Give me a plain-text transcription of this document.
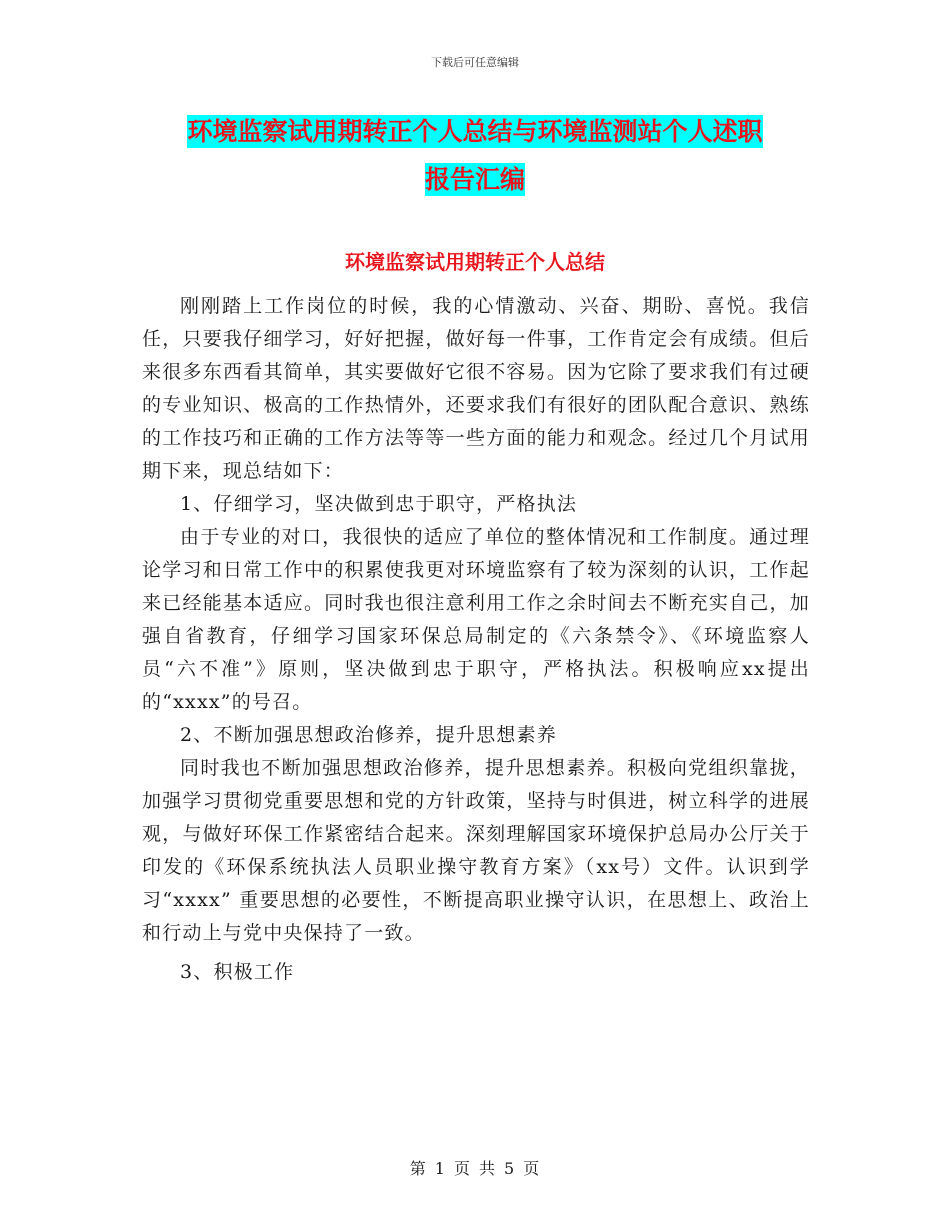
下载后可任意编辑
环境监察试用期转正个人总结与环境监测站个人述职
报告汇编
环境监察试用期转正个人总结

刚刚踏上工作岗位的时候，我的心情激动、兴奋、期盼、喜悦。我信任，只要我仔细学习，好好把握，做好每一件事，工作肯定会有成绩。但后来很多东西看其简单，其实要做好它很不容易。因为它除了要求我们有过硬的专业知识、极高的工作热情外，还要求我们有很好的团队配合意识、熟练的工作技巧和正确的工作方法等等一些方面的能力和观念。经过几个月试用期下来，现总结如下：

1、仔细学习，坚决做到忠于职守，严格执法

由于专业的对口，我很快的适应了单位的整体情况和工作制度。通过理论学习和日常工作中的积累使我更对环境监察有了较为深刻的认识，工作起来已经能基本适应。同时我也很注意利用工作之余时间去不断充实自己，加强自省教育，仔细学习国家环保总局制定的《六条禁令》、《环境监察人员“六不准”》原则，坚决做到忠于职守，严格执法。积极响应xx提出的“xxxx”的号召。

2、不断加强思想政治修养，提升思想素养

同时我也不断加强思想政治修养，提升思想素养。积极向党组织靠拢，加强学习贯彻党重要思想和党的方针政策，坚持与时俱进，树立科学的进展观，与做好环保工作紧密结合起来。深刻理解国家环境保护总局办公厅关于印发的《环保系统执法人员职业操守教育方案》（xx号）文件。认识到学习“xxxx” 重要思想的必要性，不断提高职业操守认识，在思想上、政治上和行动上与党中央保持了一致。

3、积极工作

第 1 页 共 5 页
